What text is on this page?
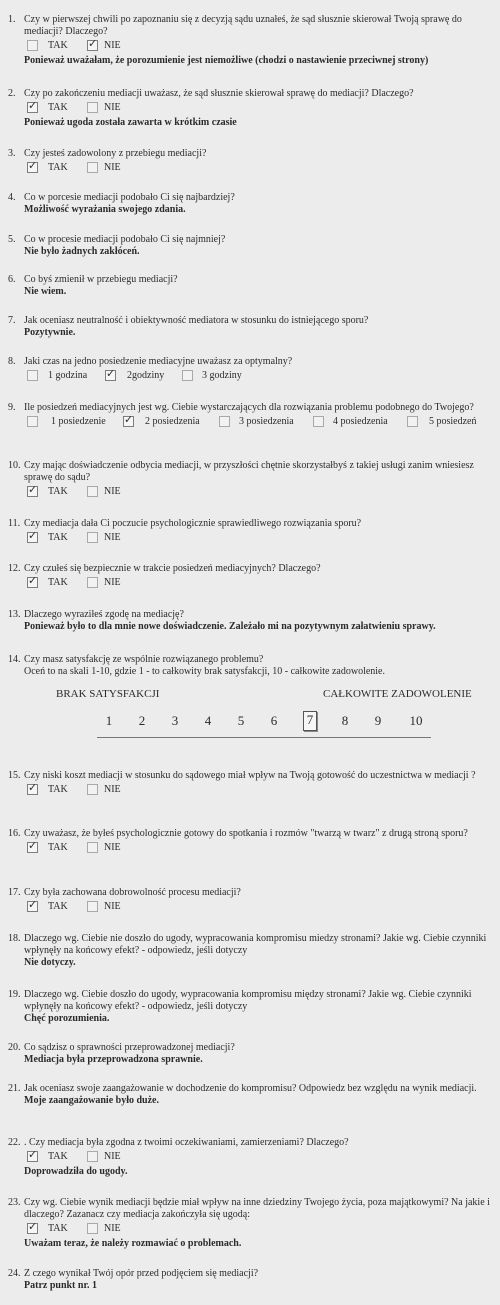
1. Czy w pierwszej chwili po zapoznaniu się z decyzją sądu uznałeś, że sąd słusznie skierował Twoją sprawę do mediacji? Dlaczego?
TAK ✓ NIE
Ponieważ uważałam, że porozumienie jest niemożliwe (chodzi o nastawienie przeciwnej strony)
2. Czy po zakończeniu mediacji uważasz, że sąd słusznie skierował sprawę do mediacji? Dlaczego?
✓ TAK	NIE
Ponieważ ugoda została zawarta w krótkim czasie
3. Czy jesteś zadowolony z przebiegu mediacji?
✓ TAK	NIE
4. Co w porcesie mediacji podobało Ci się najbardziej?
Możliwość wyrażania swojego zdania.
5. Co w procesie mediacji podobało Ci się najmniej?
Nie było żadnych zakłóceń.
6. Co byś zmienił w przebiegu mediacji?
Nie wiem.
7. Jak oceniasz neutralność i obiektywność mediatora w stosunku do istniejącego sporu?
Pozytywnie.
8. Jaki czas na jedno posiedzenie mediacyjne uważasz za optymalny?
1 godzina ✓ 2godziny	3 godziny
9. Ile posiedzeń mediacyjnych jest wg. Ciebie wystarczających dla rozwiązania problemu podobnego do Twojego?
1 posiedzenie ✓ 2 posiedzenia	3 posiedzenia	4 posiedzenia	5 posiedzeń
10. Czy mając doświadczenie odbycia mediacji, w przyszłości chętnie skorzystałbyś z takiej usługi zanim wniesiesz sprawę do sądu?
✓ TAK	NIE
11. Czy mediacja dała Ci poczucie psychologicznie sprawiedliwego rozwiązania sporu?
✓ TAK	NIE
12. Czy czułeś się bezpiecznie w trakcie posiedzeń mediacyjnych? Dlaczego?
✓ TAK	NIE
13. Dlaczego wyraziłeś zgodę na mediację?
Ponieważ było to dla mnie nowe doświadczenie. Zależało mi na pozytywnym załatwieniu sprawy.
14. Czy masz satysfakcję ze wspólnie rozwiązanego problemu?
Oceń to na skali 1-10, gdzie 1 - to całkowity brak satysfakcji, 10 - całkowite zadowolenie.
BRAK SATYSFAKCJI	CAŁKOWITE ZADOWOLENIE
1 2 3 4 5 6 7 8 9 10
15. Czy niski koszt mediacji w stosunku do sądowego miał wpływ na Twoją gotowość do uczestnictwa w mediacji ?
✓ TAK	NIE
16. Czy uważasz, że byłeś psychologicznie gotowy do spotkania i rozmów "twarzą w twarz" z drugą stroną sporu?
✓ TAK	NIE
17. Czy była zachowana dobrowolność procesu mediacji?
✓ TAK	NIE
18. Dlaczego wg. Ciebie nie doszło do ugody, wypracowania kompromisu miedzy stronami? Jakie wg. Ciebie czynniki wpłynęły na końcowy efekt? - odpowiedz, jeśli dotyczy
Nie dotyczy.
19. Dlaczego wg. Ciebie doszło do ugody, wypracowania kompromisu między stronami? Jakie wg. Ciebie czynniki wpłynęły na końcowy efekt? - odpowiedz, jeśli dotyczy
Chęć porozumienia.
20. Co sądzisz o sprawności przeprowadzonej mediacji?
Mediacja była przeprowadzona sprawnie.
21. Jak oceniasz swoje zaangażowanie w dochodzenie do kompromisu? Odpowiedz bez względu na wynik mediacji.
Moje zaangażowanie było duże.
22. . Czy mediacja była zgodna z twoimi oczekiwaniami, zamierzeniami? Dlaczego?
✓ TAK	NIE
Doprowadziła do ugody.
23. Czy wg. Ciebie wynik mediacji będzie miał wpływ na inne dziedziny Twojego życia, poza majątkowymi? Na jakie i dlaczego? Zazanacz czy mediacja zakończyła się ugodą:
✓ TAK	NIE
Uważam teraz, że należy rozmawiać o problemach.
24. Z czego wynikał Twój opór przed podjęciem się mediacji?
Patrz punkt nr. 1
